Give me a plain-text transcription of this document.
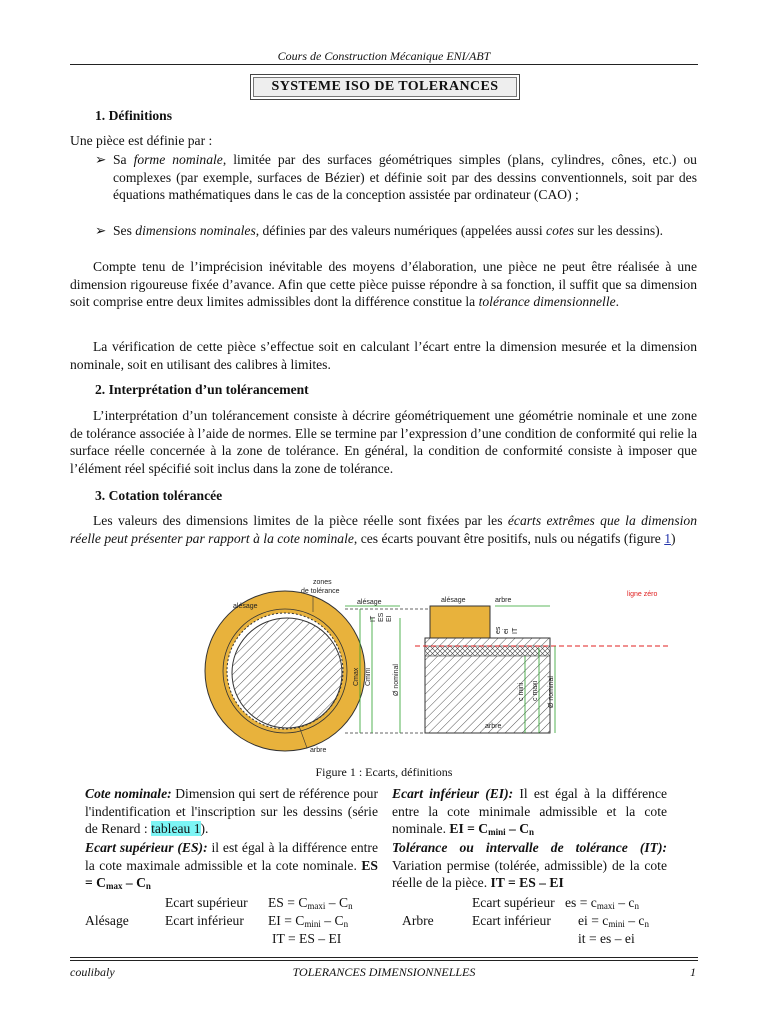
Cours de Construction Mécanique ENI/ABT
SYSTEME ISO DE TOLERANCES
1. Définitions
Une pièce est définie par :
➢ Sa forme nominale, limitée par des surfaces géométriques simples (plans, cylindres, cônes, etc.) ou complexes (par exemple, surfaces de Bézier) et définie soit par des dessins conventionnels, soit par des équations mathématiques dans le cas de la conception assistée par ordinateur (CAO) ;
➢ Ses dimensions nominales, définies par des valeurs numériques (appelées aussi cotes sur les dessins).
Compte tenu de l’imprécision inévitable des moyens d’élaboration, une pièce ne peut être réalisée à une dimension rigoureuse fixée d’avance. Afin que cette pièce puisse répondre à sa fonction, il suffit que sa dimension soit comprise entre deux limites admissibles dont la différence constitue la tolérance dimensionnelle.
La vérification de cette pièce s’effectue soit en calculant l’écart entre la dimension mesurée et la dimension nominale, soit en utilisant des calibres à limites.
2. Interprétation d’un tolérancement
L’interprétation d’un tolérancement consiste à décrire géométriquement une géométrie nominale et une zone de tolérance associée à l’aide de normes. Elle se termine par l’expression d’une condition de conformité qui relie la surface réelle concernée à la zone de tolérance. En général, la condition de conformité consiste à imposer que l’élément réel spécifié soit inclus dans la zone de tolérance.
3. Cotation tolérancée
Les valeurs des dimensions limites de la pièce réelle sont fixées par les écarts extrêmes que la dimension réelle peut présenter par rapport à la cote nominale, ces écarts pouvant être positifs, nuls ou négatifs (figure 1)
alésage
zones
de tolérance
arbre
alésage
Cmax Cmini	Ø nominal
IT ES EI
alésage	arbre
arbre
ligne zéro
c mini c maxi Ø nominal
es ei IT
Figure 1 : Ecarts, définitions
Cote nominale: Dimension qui sert de référence pour l'indentification et l'inscription sur les dessins (série de Renard : tableau 1).
Ecart supérieur (ES): il est égal à la différence entre la cote maximale admissible et la cote nominale. ES = $C_{max} - C_n$
Ecart inférieur (EI): Il est égal à la différence entre la cote minimale admissible et la cote nominale. EI = $C_{mini} - C_n$
Tolérance ou intervalle de tolérance (IT): Variation permise (tolérée, admissible) de la cote réelle de la pièce. IT = ES – EI
Ecart supérieur ES = $C_{maxi} - C_n$
Alésage	Ecart inférieur EI = $C_{mini} - C_n$
IT = ES – EI
Ecart supérieur es = $c_{maxi} - c_n$
Arbre	Ecart inférieur ei = $c_{mini} - c_n$
it = es – ei
coulibaly	TOLERANCES DIMENSIONNELLES	1
